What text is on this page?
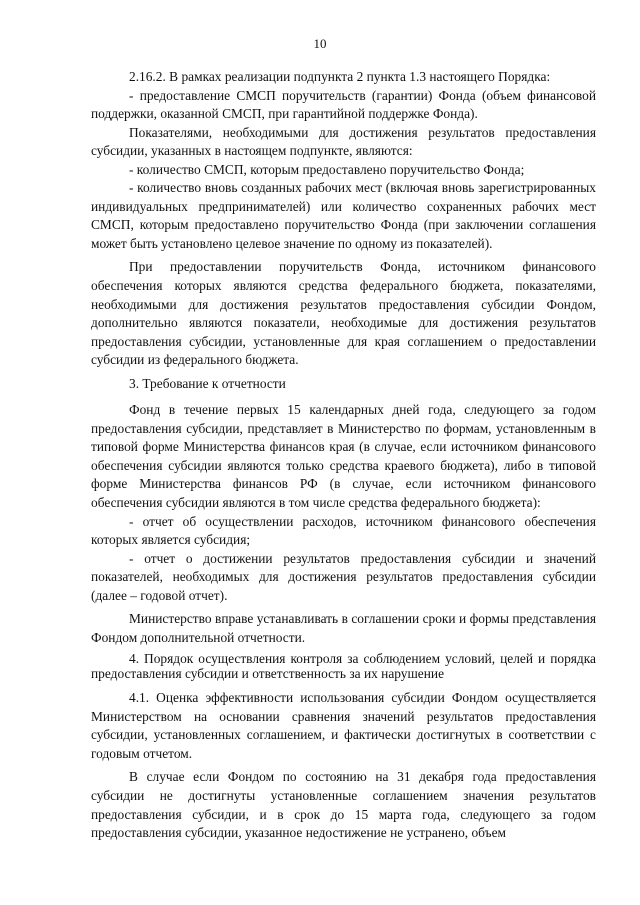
10

2.16.2. В рамках реализации подпункта 2 пункта 1.3 настоящего Порядка:

- предоставление СМСП поручительств (гарантии) Фонда (объем финансовой поддержки, оказанной СМСП, при гарантийной поддержке Фонда).

Показателями, необходимыми для достижения результатов предоставления субсидии, указанных в настоящем подпункте, являются:

- количество СМСП, которым предоставлено поручительство Фонда;

- количество вновь созданных рабочих мест (включая вновь зарегистрированных индивидуальных предпринимателей) или количество сохраненных рабочих мест СМСП, которым предоставлено поручительство Фонда (при заключении соглашения может быть установлено целевое значение по одному из показателей).

При предоставлении поручительств Фонда, источником финансового обеспечения которых являются средства федерального бюджета, показателями, необходимыми для достижения результатов предоставления субсидии Фондом, дополнительно являются показатели, необходимые для достижения результатов предоставления субсидии, установленные для края соглашением о предоставлении субсидии из федерального бюджета.

3. Требование к отчетности

Фонд в течение первых 15 календарных дней года, следующего за годом предоставления субсидии, представляет в Министерство по формам, установленным в типовой форме Министерства финансов края (в случае, если источником финансового обеспечения субсидии являются только средства краевого бюджета), либо в типовой форме Министерства финансов РФ (в случае, если источником финансового обеспечения субсидии являются в том числе средства федерального бюджета):

- отчет об осуществлении расходов, источником финансового обеспечения которых является субсидия;

- отчет о достижении результатов предоставления субсидии и значений показателей, необходимых для достижения результатов предоставления субсидии (далее – годовой отчет).

Министерство вправе устанавливать в соглашении сроки и формы представления Фондом дополнительной отчетности.

4. Порядок осуществления контроля за соблюдением условий, целей и порядка предоставления субсидии и ответственность за их нарушение

4.1. Оценка эффективности использования субсидии Фондом осуществляется Министерством на основании сравнения значений результатов предоставления субсидии, установленных соглашением, и фактически достигнутых в соответствии с годовым отчетом.

В случае если Фондом по состоянию на 31 декабря года предоставления субсидии не достигнуты установленные соглашением значения результатов предоставления субсидии, и в срок до 15 марта года, следующего за годом предоставления субсидии, указанное недостижение не устранено, объем
